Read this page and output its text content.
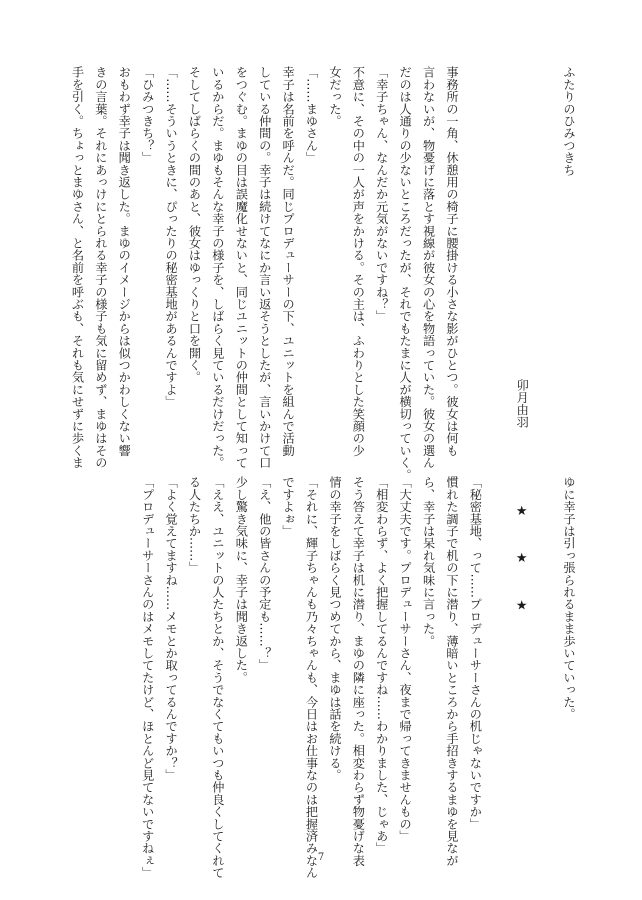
ふたりのひみつきち

卯月由羽

事務所の一角、休憩用の椅子に腰掛ける小さな影がひとつ。彼女は何も
言わないが、物憂げに落とす視線が彼女の心を物語っていた。彼女の選ん
だのは人通りの少ないところだったが、それでもたまに人が横切っていく。
「幸子ちゃん、なんだか元気がないですね？」
不意に、その中の一人が声をかける。その主は、ふわりとした笑顔の少
女だった。
「……まゆさん」
幸子は名前を呼んだ。同じプロデューサーの下、ユニットを組んで活動
している仲間の。幸子は続けてなにか言い返そうとしたが、言いかけて口
をつぐむ。まゆの目は誤魔化せないと、同じユニットの仲間として知って
いるからだ。まゆもそんな幸子の様子を、しばらく見ているだけだった。
そしてしばらくの間のあと、彼女はゆっくりと口を開く。
「……そういうときに、ぴったりの秘密基地があるんですよ」
「ひみつきち？」
おもわず幸子は聞き返した。まゆのイメージからは似つかわしくない響
きの言葉。それにあっけにとられる幸子の様子も気に留めず、まゆはその
手を引く。ちょっとまゆさん、と名前を呼ぶも、それも気にせずに歩くま
ゆに幸子は引っ張られるまま歩いていった。

★ ★ ★

「秘密基地、って……プロデューサーさんの机じゃないですか」
慣れた調子で机の下に潜り、薄暗いところから手招きするまゆを見なが
ら、幸子は呆れ気味に言った。
「大丈夫です。プロデューサーさん、夜まで帰ってきませんもの」
「相変わらず、よく把握してるんですね……わかりました、じゃあ」
そう答えて幸子は机に潜り、まゆの隣に座った。相変わらず物憂げな表
情の幸子をしばらく見つめてから、まゆは話を続ける。
「それに、輝子ちゃんも乃々ちゃんも、今日はお仕事なのは把握済みなん
ですよぉ」
「え、他の皆さんの予定も……？」
少し驚き気味に、幸子は聞き返した。
「ええ、ユニットの人たちとか、そうでなくてもいつも仲良くしてくれて
る人たちか……」
「よく覚えてますね……メモとか取ってるんですか？」
「プロデューサーさんのはメモしてたけど、ほとんど見てないですねぇ」	7
